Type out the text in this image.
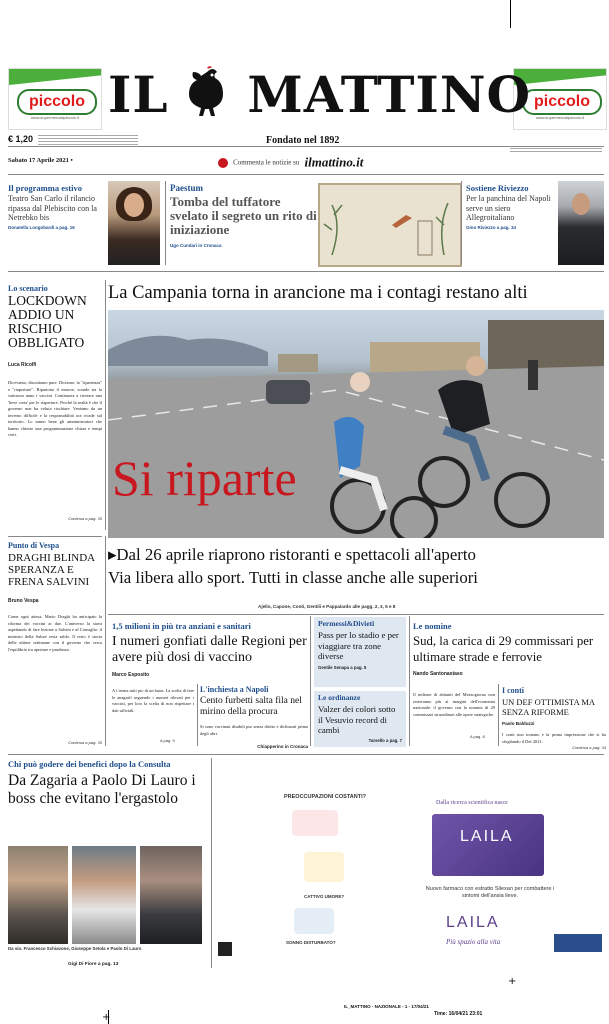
piccolo
www.supermercatipiccolo.it
piccolo
www.supermercatipiccolo.it
IL MATTINO
€ 1,20	Fondato nel 1892
Sabato 17 Aprile 2021 •	Commenta le notizie su ilmattino.it
Il programma estivo
Teatro San Carlo il rilancio ripassa dal Plebiscito con la Netrebko bis
Donatella Longobardi a pag. 16
Paestum
Tomba del tuffatore svelato il segreto un rito di iniziazione
Ugo Cundari in Cronaca
Sostiene Riviezzo
Per la panchina del Napoli serve un siero Allegroitaliano
Gino Riviezzo a pag. 34
Lo scenario
LOCKDOWN ADDIO UN RISCHIO OBBLIGATO
Luca Ricolfi
Dicevamo, discutiamo pure. Diciamo: la "ripartenza" e "riaperture". Ripartono il motore, scende tra la sottosura anno i vaccini. Continuera a riverare una 'lieve certa' per le riaperture. Perché la realtà è che il governo non ha voluto rischiare. Veniamo da un inverno difficile e la responsabilità ora ricade sul territorio. Lo sanno bene gli amministratori che hanno chiesto una programmazione chiara e tempi certi.
Continua a pag. 35
La Campania torna in arancione ma i contagi restano alti
Si riparte
▸Dal 26 aprile riaprono ristoranti e spettacoli all'aperto
Via libera allo sport. Tutti in classe anche alle superiori
Ajello, Capone, Conti, Gentili e Pappalardo alle pagg. 2, 3, 5 e 8
Punto di Vespa
DRAGHI BLINDA SPERANZA E FRENA SALVINI
Bruno Vespa
Come ogni attesa, Mario Draghi ha anticipato la riforma dei vaccini ai due. L'universo la stava aspettando di fare lezione a Salvini e al Consiglio: il ministro della Salute resta saldo. Il resto è storia delle ultime settimane con il governo che cerca l'equilibrio tra aperture e prudenza.
Continua a pag. 35
1,5 milioni in più tra anziani e sanitari
I numeri gonfiati dalle Regioni per avere più dosi di vaccino
Marco Esposito
A i trenta tutti pio di un buon. La scelta di fare le anagrafi seguendo i numeri rilevati per i vaccini, per loro la scelta di non rispettare i dati ufficiali.
A pag. 9
L'inchiesta a Napoli
Cento furbetti salta fila nel mirino della procura
Si sono vaccinati disabili pur senza diritto e dichiarati prima degli altri.
Chiapperino in Cronaca
Permessi&Divieti
Pass per lo stadio e per viaggiare tra zone diverse
Gentile Senapa a pag. 5
Le ordinanze
Valzer dei colori sotto il Vesuvio record di cambi
Tarsello a pag. 7
Le nomine
Sud, la carica di 29 commissari per ultimare strade e ferrovie
Nando Santonastaso
Il milione di abitanti del Mezzogiorno non resteranno più ai margini dell'economia nazionale: il governo con la nomina di 29 commissari straordinari alle opere strategiche.
A pag. 8
I conti
UN DEF OTTIMISTA MA SENZA RIFORME
Paolo Balduzzi
I conti non tornano e la prima impressione che si ha sfogliando il Def 2021.
Continua a pag. 34
Chi può godere dei benefici dopo la Consulta
Da Zagaria a Paolo Di Lauro i boss che evitano l'ergastolo
Da sin. Francesco Schiavone, Giuseppe Setola e Paolo Di Lauro
Gigi Di Fiore a pag. 13
PREOCCUPAZIONI COSTANTI?
CATTIVO UMORE?
SONNO DISTURBATO?
Dalla ricerca scientifica nasce
LAILA
Nuovo farmaco con estratto Silexan per combattere i sintomi dell'ansia lieve.
LAILA
Più spazio alla vita
+
IL_MATTINO - NAZIONALE - 1 - 17/04/21
Time: 16/04/21 23:01
+
